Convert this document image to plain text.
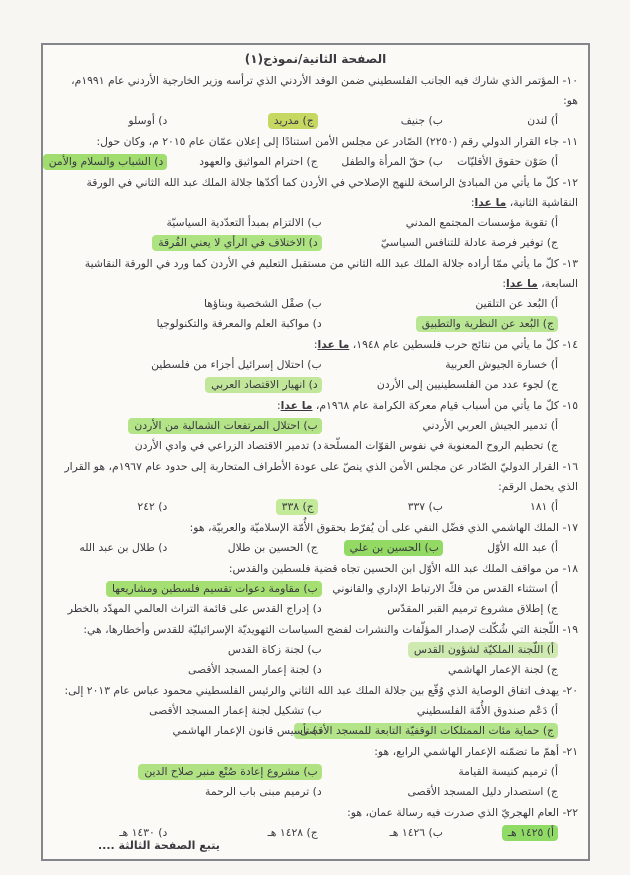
الصفحة الثانية/نموذج(١)
١٠- المؤتمر الذي شارك فيه الجانب الفلسطيني ضمن الوفد الأردني الذي ترأسه وزير الخارجية الأردني عام ١٩٩١م، هو:
أ) لندن
ب) جنيف
ج) مدريد
د) أوسلو
١١- جاء القرار الدولي رقم (٢٢٥٠) الصّادر عن مجلس الأمن استنادًا إلى إعلان عمّان عام ٢٠١٥ م، وكان حول:
أ) صَوْن حقوق الأقليّات
ب) حقّ المرأة والطفل
ج) احترام المواثيق والعهود
د) الشباب والسلام والأمن
١٢- كلّ ما يأتي من المبادئ الراسخة للنهج الإصلاحي في الأردن كما أكدّها جلالة الملك عبد الله الثاني في الورقة النقاشية الثانية، ما عدا:
أ) تقوية مؤسسات المجتمع المدني
ب) الالتزام بمبدأ التعدّدية السياسيّة
ج) توفير فرصة عادلة للتنافس السياسيّ
د) الاختلاف في الرأي لا يعني الفُرقة
١٣- كلّ ما يأتي ممّا أراده جلالة الملك عبد الله الثاني من مستقبل التعليم في الأردن كما ورد في الورقة النقاشية السابعة، ما عدا:
أ) البُعد عن التلقين
ب) صقْل الشخصية وبناؤها
ج) البُعد عن النظرية والتطبيق
د) مواكبة العلم والمعرفة والتكنولوجيا
١٤- كلّ ما يأتي من نتائج حرب فلسطين عام ١٩٤٨، ما عدا:
أ) خسارة الجيوش العربية
ب) احتلال إسرائيل أجزاء من فلسطين
ج) لجوء عدد من الفلسطينيين إلى الأردن
د) انهيار الاقتصاد العربي
١٥- كلّ ما يأتي من أسباب قيام معركة الكرامة عام ١٩٦٨م، ما عدا:
أ) تدمير الجيش العربي الأردني
ب) احتلال المرتفعات الشمالية من الأردن
ج) تحطيم الروح المعنوية في نفوس القوّات المسلّحة
د) تدمير الاقتصاد الزراعي في وادي الأردن
١٦- القرار الدوليّ الصّادر عن مجلس الأمن الذي ينصّ على عودة الأطراف المتحاربة إلى حدود عام ١٩٦٧م، هو القرار الذي يحمل الرقم:
أ) ١٨١
ب) ٣٣٧
ج) ٣٣٨
د) ٢٤٢
١٧- الملك الهاشمي الذي فضّل النفي على أن يُفرّط بحقوق الأُمّة الإسلاميّة والعربيّة، هو:
أ) عبد الله الأوّل
ب) الحسين بن علي
ج) الحسين بن طلال
د) طلال بن عبد الله
١٨- من مواقف الملك عبد الله الأوّل ابن الحسين تجاه قضية فلسطين والقدس:
أ) استثناء القدس من فكّ الارتباط الإداري والقانوني
ب) مقاومة دعوات تقسيم فلسطين ومشاريعها
ج) إطلاق مشروع ترميم القبر المقدّس
د) إدراج القدس على قائمة التراث العالمي المهدّد بالخطر
١٩- اللّجنة التي شُكّلت لإصدار المؤلّفات والنشرات لفضح السياسات التهويديّة الإسرائيليّة للقدس وأخطارها، هي:
أ) اللّجنة الملكيّة لشؤون القدس
ب) لجنة زكاة القدس
ج) لجنة الإعمار الهاشمي
د) لجنة إعمار المسجد الأقصى
٢٠- يهدف اتفاق الوصاية الذي وُقّع بين جلالة الملك عبد الله الثاني والرئيس الفلسطيني محمود عباس عام ٢٠١٣ إلى:
أ) دَعْم صندوق الأُمّة الفلسطيني
ب) تشكيل لجنة إعمار المسجد الأقصى
ج) حماية مئات الممتلكات الوقفيّة التابعة للمسجد الأقصى
د) تأسيس قانون الإعمار الهاشمي
٢١- أهمّ ما تضمّنه الإعمار الهاشمي الرابع، هو:
أ) ترميم كنيسة القيامة
ب) مشروع إعادة صُنْع منبر صلاح الدين
ج) استصدار دليل المسجد الأقصى
د) ترميم مبنى باب الرحمة
٢٢- العام الهجريّ الذي صدرت فيه رسالة عمان، هو:
أ) ١٤٢٥ هـ
ب) ١٤٢٦ هـ
ج) ١٤٢٨ هـ
د) ١٤٣٠ هـ
يتبع الصفحة الثالثة ....
